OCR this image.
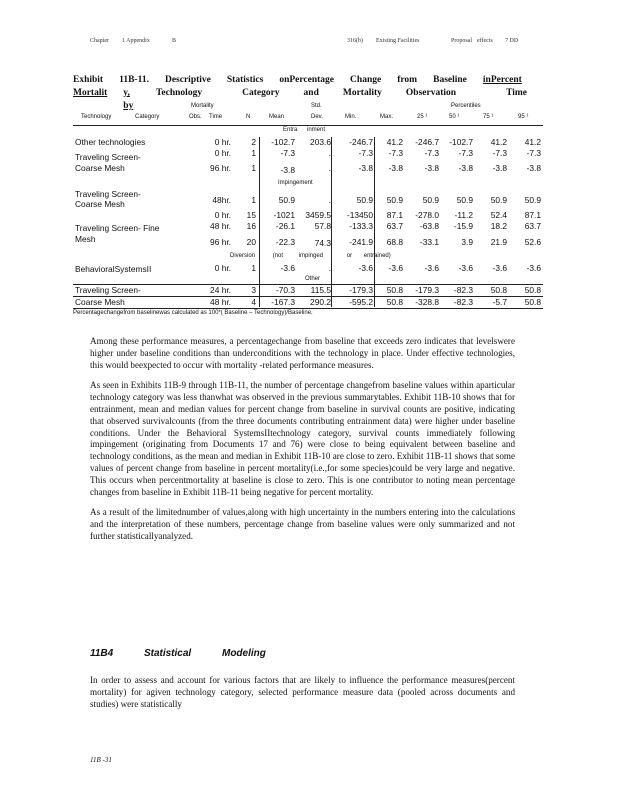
Chapter 1 Appendix	B	316(b) Existing Facilities	Proposal effects 7 DD
Exhibit 11B-11. Descriptive Statistics onPercentage Change from Baseline inPercent
Mortalit y, by
Technology	Category	and	Mortality	Observation	Time
Mortality	Std.	Percentiles
Technology	Category	Obs. Time	N	Mean	Dev.	Min.	Max.	25 ¹	50 ¹	75 ¹	95 ¹
Entra inment
Impingement
Diversion	(not	impinged	or entrained)
Other
Other technologies	0 hr.	2	-102.7	203.6	-246.7	41.2	-246.7	-102.7	41.2	41.2
Traveling Screen-	0 hr.	1	-7.3	.	-7.3	-7.3	-7.3	-7.3	-7.3	-7.3
Coarse Mesh	96 hr.	1	-3.8	.	-3.8	-3.8	-3.8	-3.8	-3.8	-3.8
Traveling Screen-
Coarse Mesh	48hr.	1	50.9	.	50.9	50.9	50.9	50.9	50.9	50.9
0 hr.	15	-1021	3459.5	-13450	87.1	-278.0	-11.2	52.4	87.1
Traveling Screen- Fine	48 hr.	16	-26.1	57.8	-133.3	63.7	-63.8	-15.9	18.2	63.7
Mesh	96 hr.	20	-22.3	74.3	-241.9	68.8	-33.1	3.9	21.9	52.6
BehavioralSystemsII	0 hr.	1	-3.6	.	-3.6	-3.6	-3.6	-3.6	-3.6	-3.6
Traveling Screen-	24 hr.	3	-70.3	115.5	-179.3	50.8	-179.3	-82.3	50.8	50.8
Coarse Mesh	48 hr.	4	-167.3	290.2	-595.2	50.8	-328.8	-82.3	-5.7	50.8
Percentagechangefrom baselinewas calculated as 100*( Baseline – Technology)/Baseline.

Among these performance measures, a percentagechange from baseline that exceeds zero indicates that levelswere higher under baseline conditions than underconditions with the technology in place. Under effective technologies, this would beexpected to occur with mortality -related performance measures.

As seen in Exhibits 11B-9 through 11B-11, the number of percentage changefrom baseline values within aparticular technology category was less thanwhat was observed in the previous summarytables. Exhibit 11B-10 shows that for entrainment, mean and median values for percent change from baseline in survival counts are positive, indicating that observed survivalcounts (from the three documents contributing entrainment data) were higher under baseline conditions. Under the Behavioral SystemsIItechnology category, survival counts immediately following impingement (originating from Documents 17 and 76) were close to being equivalent between baseline and technology conditions, as the mean and median in Exhibit 11B-10 are close to zero. Exhibit 11B-11 shows that some values of percent change from baseline in percent mortality(i.e.,for some species)could be very large and negative. This occurs when percentmortality at baseline is close to zero. This is one contributor to noting mean percentage changes from baseline in Exhibit 11B-11 being negative for percent mortality.

As a result of the limitednumber of values,along with high uncertainty in the numbers entering into the calculations and the interpretation of these numbers, percentage change from baseline values were only summarized and not further statisticallyanalyzed.

11B4	Statistical	Modeling

In order to assess and account for various factors that are likely to influence the performance measures(percent mortality) for agiven technology category, selected performance measure data (pooled across documents and studies) were statistically

11B -31
